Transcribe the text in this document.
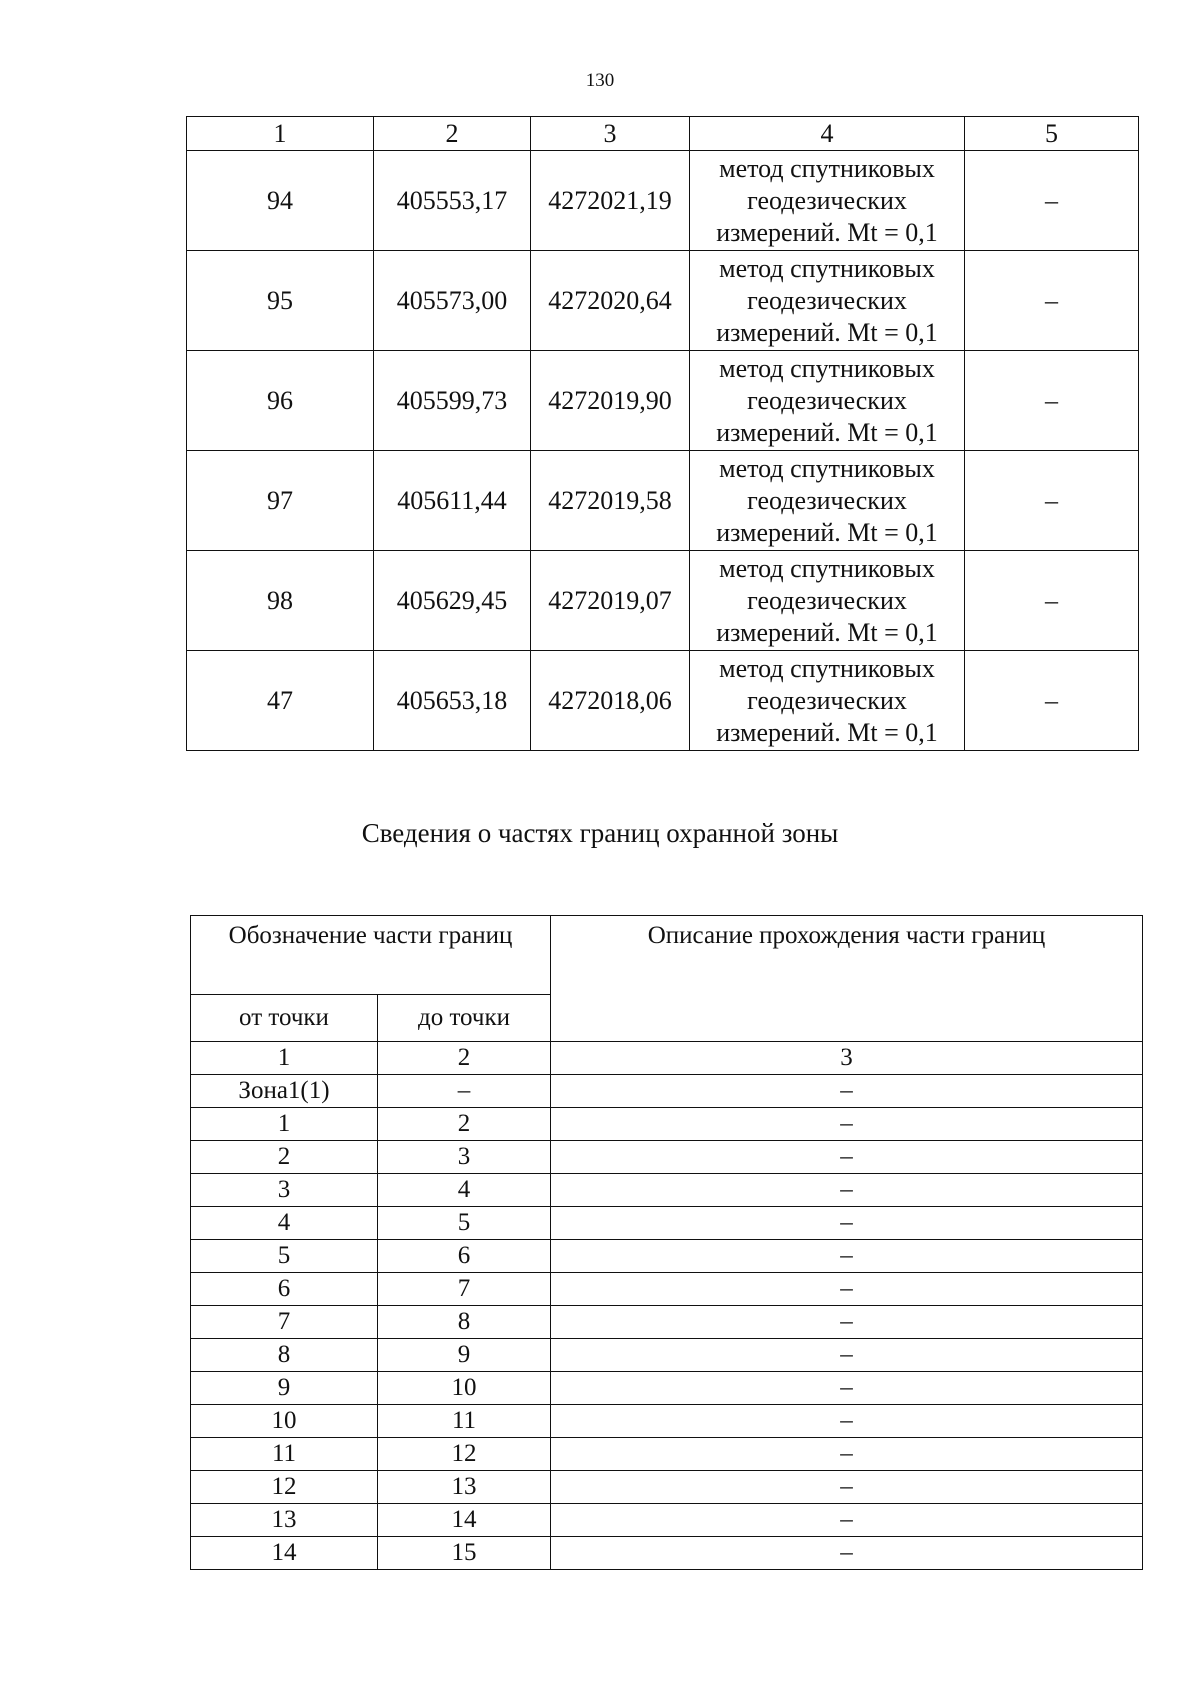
130
1	2	3	4	5
94	405553,17	4272021,19	метод спутниковых
геодезических
измерений. Mt = 0,1	–
95	405573,00	4272020,64	метод спутниковых
геодезических
измерений. Mt = 0,1	–
96	405599,73	4272019,90	метод спутниковых
геодезических
измерений. Mt = 0,1	–
97	405611,44	4272019,58	метод спутниковых
геодезических
измерений. Mt = 0,1	–
98	405629,45	4272019,07	метод спутниковых
геодезических
измерений. Mt = 0,1	–
47	405653,18	4272018,06	метод спутниковых
геодезических
измерений. Mt = 0,1	–
Сведения о частях границ охранной зоны
Обозначение части границ		Описание прохождения части границ
от точки	до точки	
1	2	3
Зона1(1)	–	–
1	2	–
2	3	–
3	4	–
4	5	–
5	6	–
6	7	–
7	8	–
8	9	–
9	10	–
10	11	–
11	12	–
12	13	–
13	14	–
14	15	–
